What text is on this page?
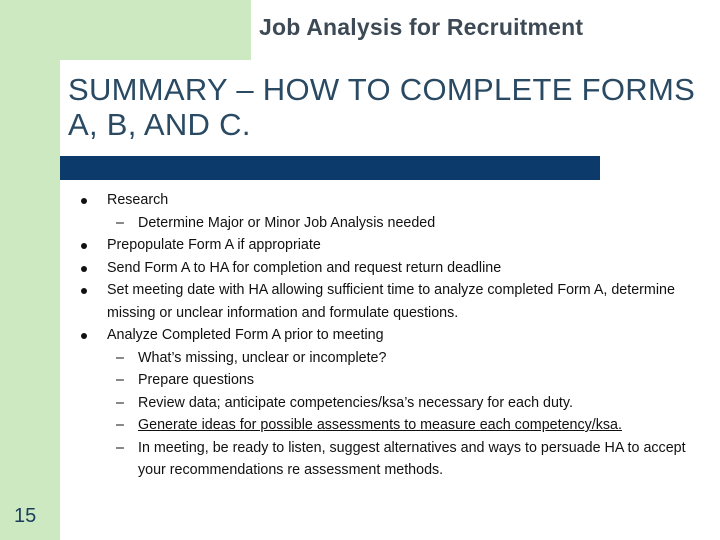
Job Analysis for Recruitment
SUMMARY – HOW TO COMPLETE FORMS A, B, AND C.
Research
– Determine Major or Minor Job Analysis needed
Prepopulate Form A if appropriate
Send Form A to HA for completion and request return deadline
Set meeting date with HA allowing sufficient time to analyze completed Form A, determine missing or unclear information and formulate questions.
Analyze Completed Form A prior to meeting
– What’s missing, unclear or incomplete?
– Prepare questions
– Review data; anticipate competencies/ksa’s necessary for each duty.
– Generate ideas for possible assessments to measure each competency/ksa.
– In meeting, be ready to listen, suggest alternatives and ways to persuade HA to accept your recommendations re assessment methods.
15
